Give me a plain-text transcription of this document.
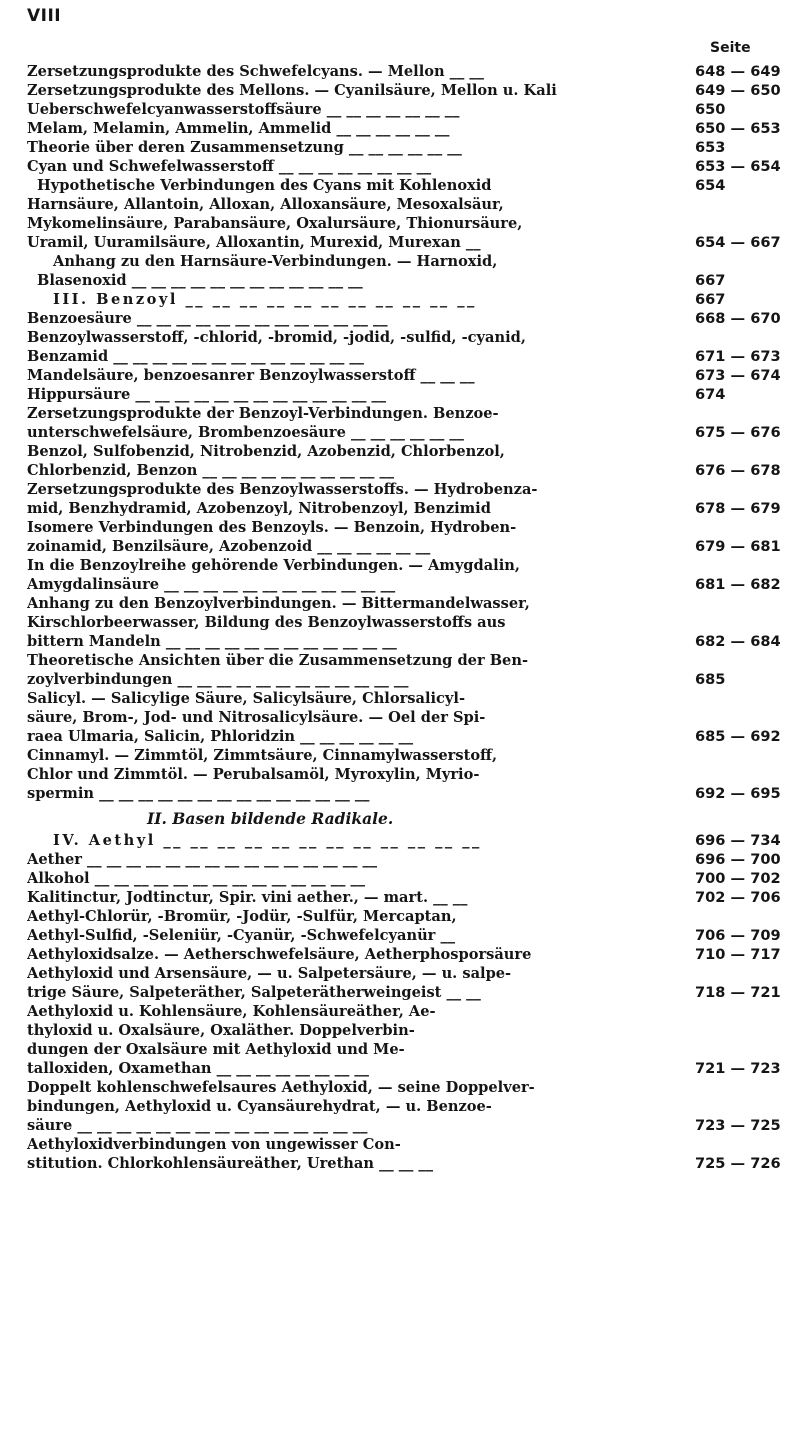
VIII
Seite
Zersetzungsprodukte des Schwefelcyans. — Mellon __ __	648 — 649
Zersetzungsprodukte des Mellons. — Cyanilsäure, Mellon u. Kali	649 — 650
Ueberschwefelcyanwasserstoffsäure __ __ __ __ __ __ __	650
Melam, Melamin, Ammelin, Ammelid __ __ __ __ __ __	650 — 653
Theorie über deren Zusammensetzung __ __ __ __ __ __	653
Cyan und Schwefelwasserstoff __ __ __ __ __ __ __ __	653 — 654
Hypothetische Verbindungen des Cyans mit Kohlenoxid	654
Harnsäure, Allantoin, Alloxan, Alloxansäure, Mesoxalsäur,
Mykomelinsäure, Parabansäure, Oxalursäure, Thionursäure,
Uramil, Uuramilsäure, Alloxantin, Murexid, Murexan __	654 — 667
Anhang zu den Harnsäure-Verbindungen. — Harnoxid,
Blasenoxid __ __ __ __ __ __ __ __ __ __ __ __	667
III. Benzoyl __ __ __ __ __ __ __ __ __ __ __	667
Benzoesäure __ __ __ __ __ __ __ __ __ __ __ __ __	668 — 670
Benzoylwasserstoff, -chlorid, -bromid, -jodid, -sulfid, -cyanid,
Benzamid __ __ __ __ __ __ __ __ __ __ __ __ __	671 — 673
Mandelsäure, benzoesanrer Benzoylwasserstoff __ __ __	673 — 674
Hippursäure __ __ __ __ __ __ __ __ __ __ __ __ __	674
Zersetzungsprodukte der Benzoyl-Verbindungen. Benzoe-
unterschwefelsäure, Brombenzoesäure __ __ __ __ __ __	675 — 676
Benzol, Sulfobenzid, Nitrobenzid, Azobenzid, Chlorbenzol,
Chlorbenzid, Benzon __ __ __ __ __ __ __ __ __ __	676 — 678
Zersetzungsprodukte des Benzoylwasserstoffs. — Hydrobenza-
mid, Benzhydramid, Azobenzoyl, Nitrobenzoyl, Benzimid	678 — 679
Isomere Verbindungen des Benzoyls. — Benzoin, Hydroben-
zoinamid, Benzilsäure, Azobenzoid __ __ __ __ __ __	679 — 681
In die Benzoylreihe gehörende Verbindungen. — Amygdalin,
Amygdalinsäure __ __ __ __ __ __ __ __ __ __ __ __	681 — 682
Anhang zu den Benzoylverbindungen. — Bittermandelwasser,
Kirschlorbeerwasser, Bildung des Benzoylwasserstoffs aus
bittern Mandeln __ __ __ __ __ __ __ __ __ __ __ __	682 — 684
Theoretische Ansichten über die Zusammensetzung der Ben-
zoylverbindungen __ __ __ __ __ __ __ __ __ __ __ __	685
Salicyl. — Salicylige Säure, Salicylsäure, Chlorsalicyl-
säure, Brom-, Jod- und Nitrosalicylsäure. — Oel der Spi-
raea Ulmaria, Salicin, Phloridzin __ __ __ __ __ __	685 — 692
Cinnamyl. — Zimmtöl, Zimmtsäure, Cinnamylwasserstoff,
Chlor und Zimmtöl. — Perubalsamöl, Myroxylin, Myrio-
spermin __ __ __ __ __ __ __ __ __ __ __ __ __ __	692 — 695
II. Basen bildende Radikale.
IV. Aethyl __ __ __ __ __ __ __ __ __ __ __ __	696 — 734
Aether __ __ __ __ __ __ __ __ __ __ __ __ __ __ __	696 — 700
Alkohol __ __ __ __ __ __ __ __ __ __ __ __ __ __	700 — 702
Kalitinctur, Jodtinctur, Spir. vini aether., — mart. __ __	702 — 706
Aethyl-Chlorür, -Bromür, -Jodür, -Sulfür, Mercaptan,
Aethyl-Sulfid, -Seleniür, -Cyanür, -Schwefelcyanür __	706 — 709
Aethyloxidsalze. — Aetherschwefelsäure, Aetherphosporsäure	710 — 717
Aethyloxid und Arsensäure, — u. Salpetersäure, — u. salpe-
trige Säure, Salpeteräther, Salpeterätherweingeist __ __	718 — 721
Aethyloxid u. Kohlensäure, Kohlensäureäther, Ae-
thyloxid u. Oxalsäure, Oxaläther. Doppelverbin-
dungen der Oxalsäure mit Aethyloxid und Me-
talloxiden, Oxamethan __ __ __ __ __ __ __ __	721 — 723
Doppelt kohlenschwefelsaures Aethyloxid, — seine Doppelver-
bindungen, Aethyloxid u. Cyansäurehydrat, — u. Benzoe-
säure __ __ __ __ __ __ __ __ __ __ __ __ __ __ __	723 — 725
Aethyloxidverbindungen von ungewisser Con-
stitution. Chlorkohlensäureäther, Urethan __ __ __	725 — 726
